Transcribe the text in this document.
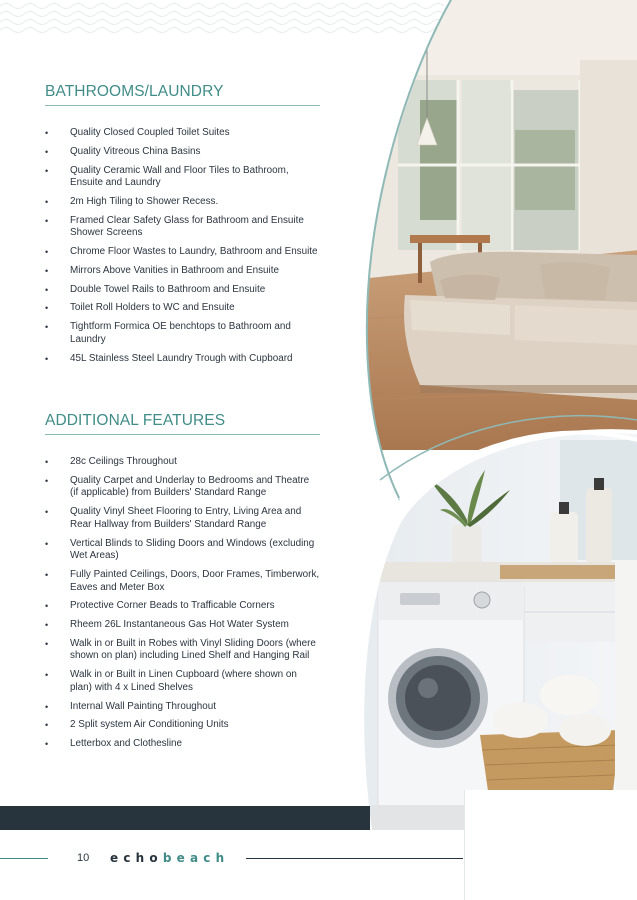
BATHROOMS/LAUNDRY
• Quality Closed Coupled Toilet Suites
• Quality Vitreous China Basins
• Quality Ceramic Wall and Floor Tiles to Bathroom, Ensuite and Laundry
• 2m High Tiling to Shower Recess.
• Framed Clear Safety Glass for Bathroom and Ensuite Shower Screens
• Chrome Floor Wastes to Laundry, Bathroom and Ensuite
• Mirrors Above Vanities in Bathroom and Ensuite
• Double Towel Rails to Bathroom and Ensuite
• Toilet Roll Holders to WC and Ensuite
• Tightform Formica OE benchtops to Bathroom and Laundry
• 45L Stainless Steel Laundry Trough with Cupboard
ADDITIONAL FEATURES
• 28c Ceilings Throughout
• Quality Carpet and Underlay to Bedrooms and Theatre (if applicable) from Builders' Standard Range
• Quality Vinyl Sheet Flooring to Entry, Living Area and Rear Hallway from Builders' Standard Range
• Vertical Blinds to Sliding Doors and Windows (excluding Wet Areas)
• Fully Painted Ceilings, Doors, Door Frames, Timberwork, Eaves and Meter Box
• Protective Corner Beads to Trafficable Corners
• Rheem 26L Instantaneous Gas Hot Water System
• Walk in or Built in Robes with Vinyl Sliding Doors (where shown on plan) including Lined Shelf and Hanging Rail
• Walk in or Built in Linen Cupboard (where shown on plan) with 4 x Lined Shelves
• Internal Wall Painting Throughout
• 2 Split system Air Conditioning Units
• Letterbox and Clothesline
10 echobeach
